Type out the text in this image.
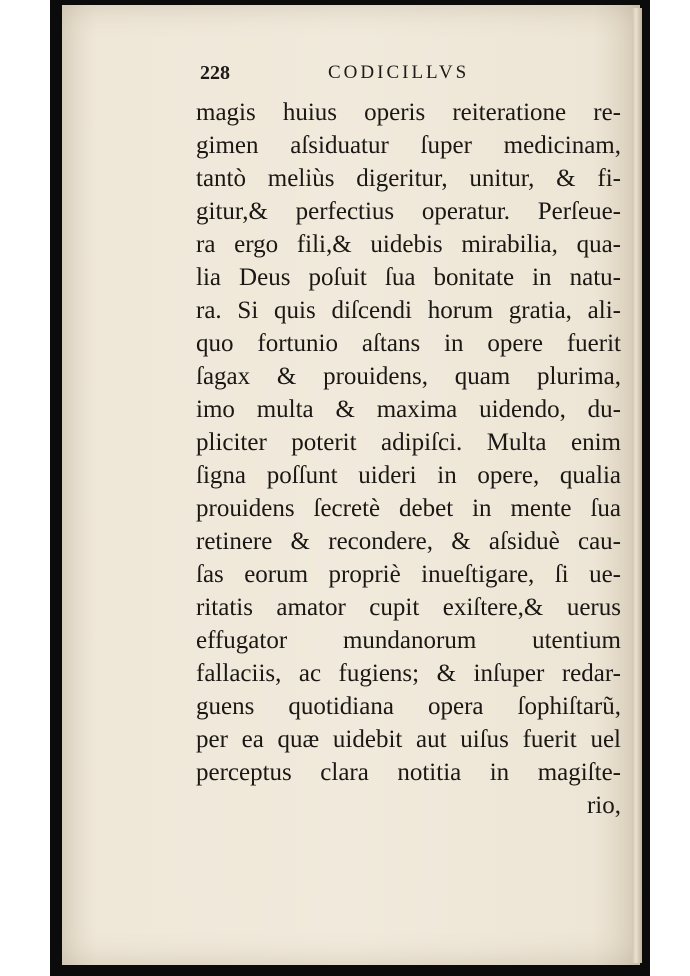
228	CODICILLVS
magis huius operis reiteratione re-
gimen aſsiduatur ſuper medicinam,
tantò meliùs digeritur, unitur, & fi-
gitur,& perfectius operatur. Perſeue-
ra ergo fili,& uidebis mirabilia, qua-
lia Deus poſuit ſua bonitate in natu-
ra. Si quis diſcendi horum gratia, ali-
quo fortunio aſtans in opere fuerit
ſagax & prouidens, quam plurima,
imo multa & maxima uidendo, du-
pliciter poterit adipiſci. Multa enim
ſigna poſſunt uideri in opere, qualia
prouidens ſecretè debet in mente ſua
retinere & recondere, & aſsiduè cau-
ſas eorum propriè inueſtigare, ſi ue-
ritatis amator cupit exiſtere,& uerus
effugator mundanorum utentium
fallaciis, ac fugiens; & inſuper redar-
guens quotidiana opera ſophiſtarũ,
per ea quæ uidebit aut uiſus fuerit uel
perceptus clara notitia in magiſte-
rio,
